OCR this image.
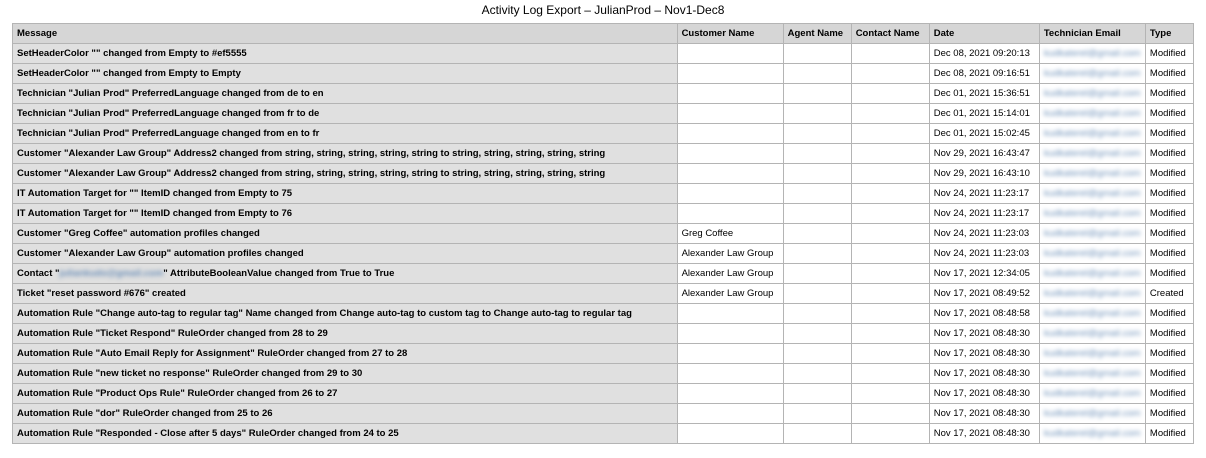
Activity Log Export – JulianProd – Nov1-Dec8
Message	Customer Name	Agent Name	Contact Name	Date	Technician Email	Type
SetHeaderColor "" changed from Empty to #ef5555				Dec 08, 2021 09:20:13	kudkaterel@gmail.com	Modified
SetHeaderColor "" changed from Empty to Empty				Dec 08, 2021 09:16:51	kudkaterel@gmail.com	Modified
Technician "Julian Prod" PreferredLanguage changed from de to en				Dec 01, 2021 15:36:51	kudkaterel@gmail.com	Modified
Technician "Julian Prod" PreferredLanguage changed from fr to de				Dec 01, 2021 15:14:01	kudkaterel@gmail.com	Modified
Technician "Julian Prod" PreferredLanguage changed from en to fr				Dec 01, 2021 15:02:45	kudkaterel@gmail.com	Modified
Customer "Alexander Law Group" Address2 changed from string, string, string, string, string to string, string, string, string, string				Nov 29, 2021 16:43:47	kudkaterel@gmail.com	Modified
Customer "Alexander Law Group" Address2 changed from string, string, string, string, string to string, string, string, string, string				Nov 29, 2021 16:43:10	kudkaterel@gmail.com	Modified
IT Automation Target for "" ItemID changed from Empty to 75				Nov 24, 2021 11:23:17	kudkaterel@gmail.com	Modified
IT Automation Target for "" ItemID changed from Empty to 76				Nov 24, 2021 11:23:17	kudkaterel@gmail.com	Modified
Customer "Greg Coffee" automation profiles changed	Greg Coffee			Nov 24, 2021 11:23:03	kudkaterel@gmail.com	Modified
Customer "Alexander Law Group" automation profiles changed	Alexander Law Group			Nov 24, 2021 11:23:03	kudkaterel@gmail.com	Modified
Contact "juliankudo@gmail.com" AttributeBooleanValue changed from True to True	Alexander Law Group			Nov 17, 2021 12:34:05	kudkaterel@gmail.com	Modified
Ticket "reset password #676" created	Alexander Law Group			Nov 17, 2021 08:49:52	kudkaterel@gmail.com	Created
Automation Rule "Change auto-tag to regular tag" Name changed from Change auto-tag to custom tag to Change auto-tag to regular tag				Nov 17, 2021 08:48:58	kudkaterel@gmail.com	Modified
Automation Rule "Ticket Respond" RuleOrder changed from 28 to 29				Nov 17, 2021 08:48:30	kudkaterel@gmail.com	Modified
Automation Rule "Auto Email Reply for Assignment" RuleOrder changed from 27 to 28				Nov 17, 2021 08:48:30	kudkaterel@gmail.com	Modified
Automation Rule "new ticket no response" RuleOrder changed from 29 to 30				Nov 17, 2021 08:48:30	kudkaterel@gmail.com	Modified
Automation Rule "Product Ops Rule" RuleOrder changed from 26 to 27				Nov 17, 2021 08:48:30	kudkaterel@gmail.com	Modified
Automation Rule "dor" RuleOrder changed from 25 to 26				Nov 17, 2021 08:48:30	kudkaterel@gmail.com	Modified
Automation Rule "Responded - Close after 5 days" RuleOrder changed from 24 to 25				Nov 17, 2021 08:48:30	kudkaterel@gmail.com	Modified
